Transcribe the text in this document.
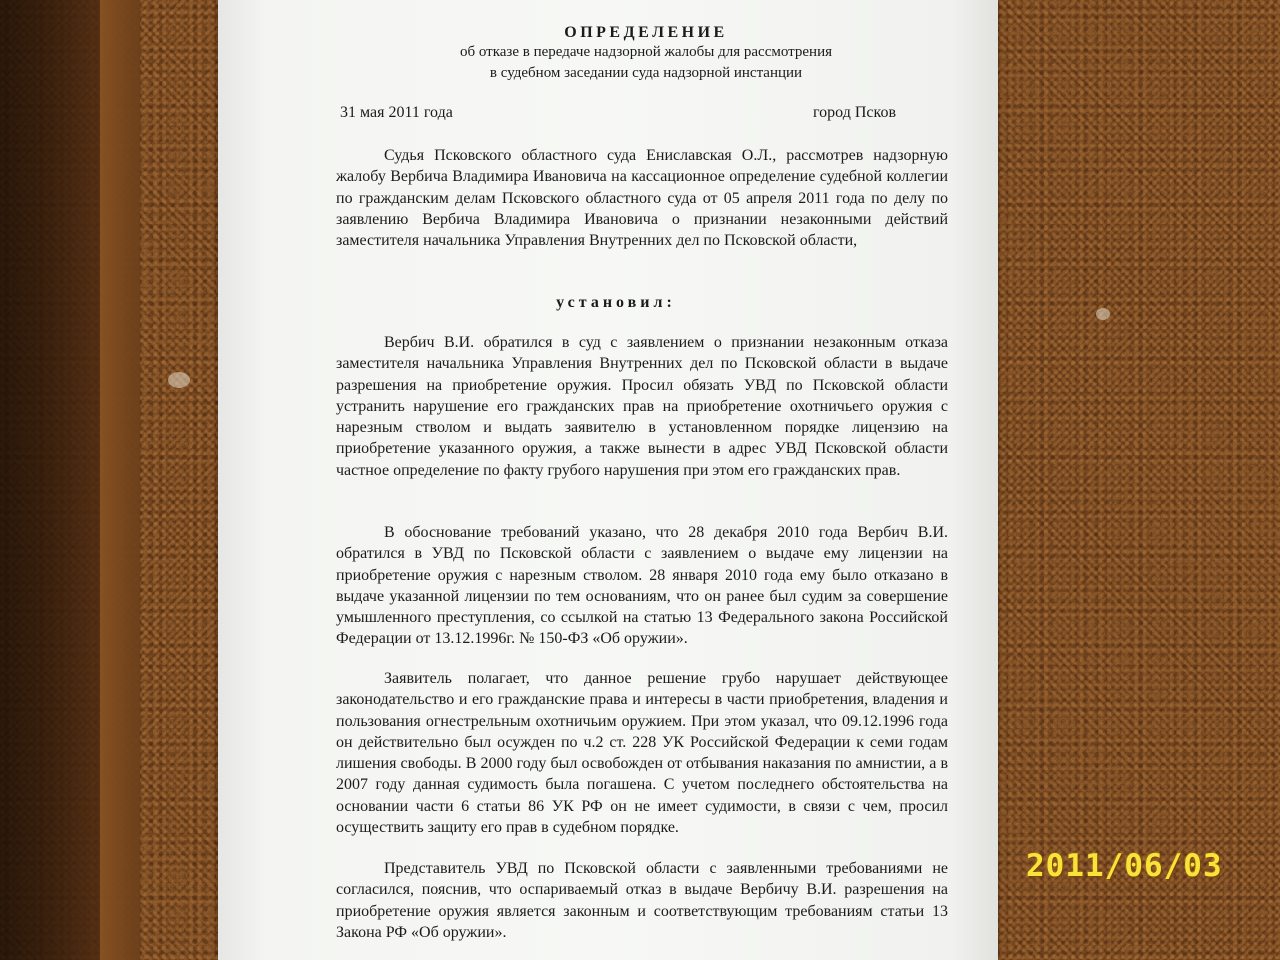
ОПРЕДЕЛЕНИЕ
об отказе в передаче надзорной жалобы для рассмотрения
в судебном заседании суда надзорной инстанции
31 мая 2011 года	город Псков

Судья Псковского областного суда Ениславская О.Л., рассмотрев надзорную жалобу Вербича Владимира Ивановича на кассационное определение судебной коллегии по гражданским делам Псковского областного суда от 05 апреля 2011 года по делу по заявлению Вербича Владимира Ивановича о признании незаконными действий заместителя начальника Управления Внутренних дел по Псковской области,

установил:

Вербич В.И. обратился в суд с заявлением о признании незаконным отказа заместителя начальника Управления Внутренних дел по Псковской области в выдаче разрешения на приобретение оружия. Просил обязать УВД по Псковской области устранить нарушение его гражданских прав на приобретение охотничьего оружия с нарезным стволом и выдать заявителю в установленном порядке лицензию на приобретение указанного оружия, а также вынести в адрес УВД Псковской области частное определение по факту грубого нарушения при этом его гражданских прав.

В обоснование требований указано, что 28 декабря 2010 года Вербич В.И. обратился в УВД по Псковской области с заявлением о выдаче ему лицензии на приобретение оружия с нарезным стволом. 28 января 2010 года ему было отказано в выдаче указанной лицензии по тем основаниям, что он ранее был судим за совершение умышленного преступления, со ссылкой на статью 13 Федерального закона Российской Федерации от 13.12.1996г. № 150-ФЗ «Об оружии».

Заявитель полагает, что данное решение грубо нарушает действующее законодательство и его гражданские права и интересы в части приобретения, владения и пользования огнестрельным охотничьим оружием. При этом указал, что 09.12.1996 года он действительно был осужден по ч.2 ст. 228 УК Российской Федерации к семи годам лишения свободы. В 2000 году был освобожден от отбывания наказания по амнистии, а в 2007 году данная судимость была погашена. С учетом последнего обстоятельства на основании части 6 статьи 86 УК РФ он не имеет судимости, в связи с чем, просил осуществить защиту его прав в судебном порядке.

Представитель УВД по Псковской области с заявленными требованиями не согласился, пояснив, что оспариваемый отказ в выдаче Вербичу В.И. разрешения на приобретение оружия является законным и соответствующим требованиям статьи 13 Закона РФ «Об оружии».

2011/06/03
